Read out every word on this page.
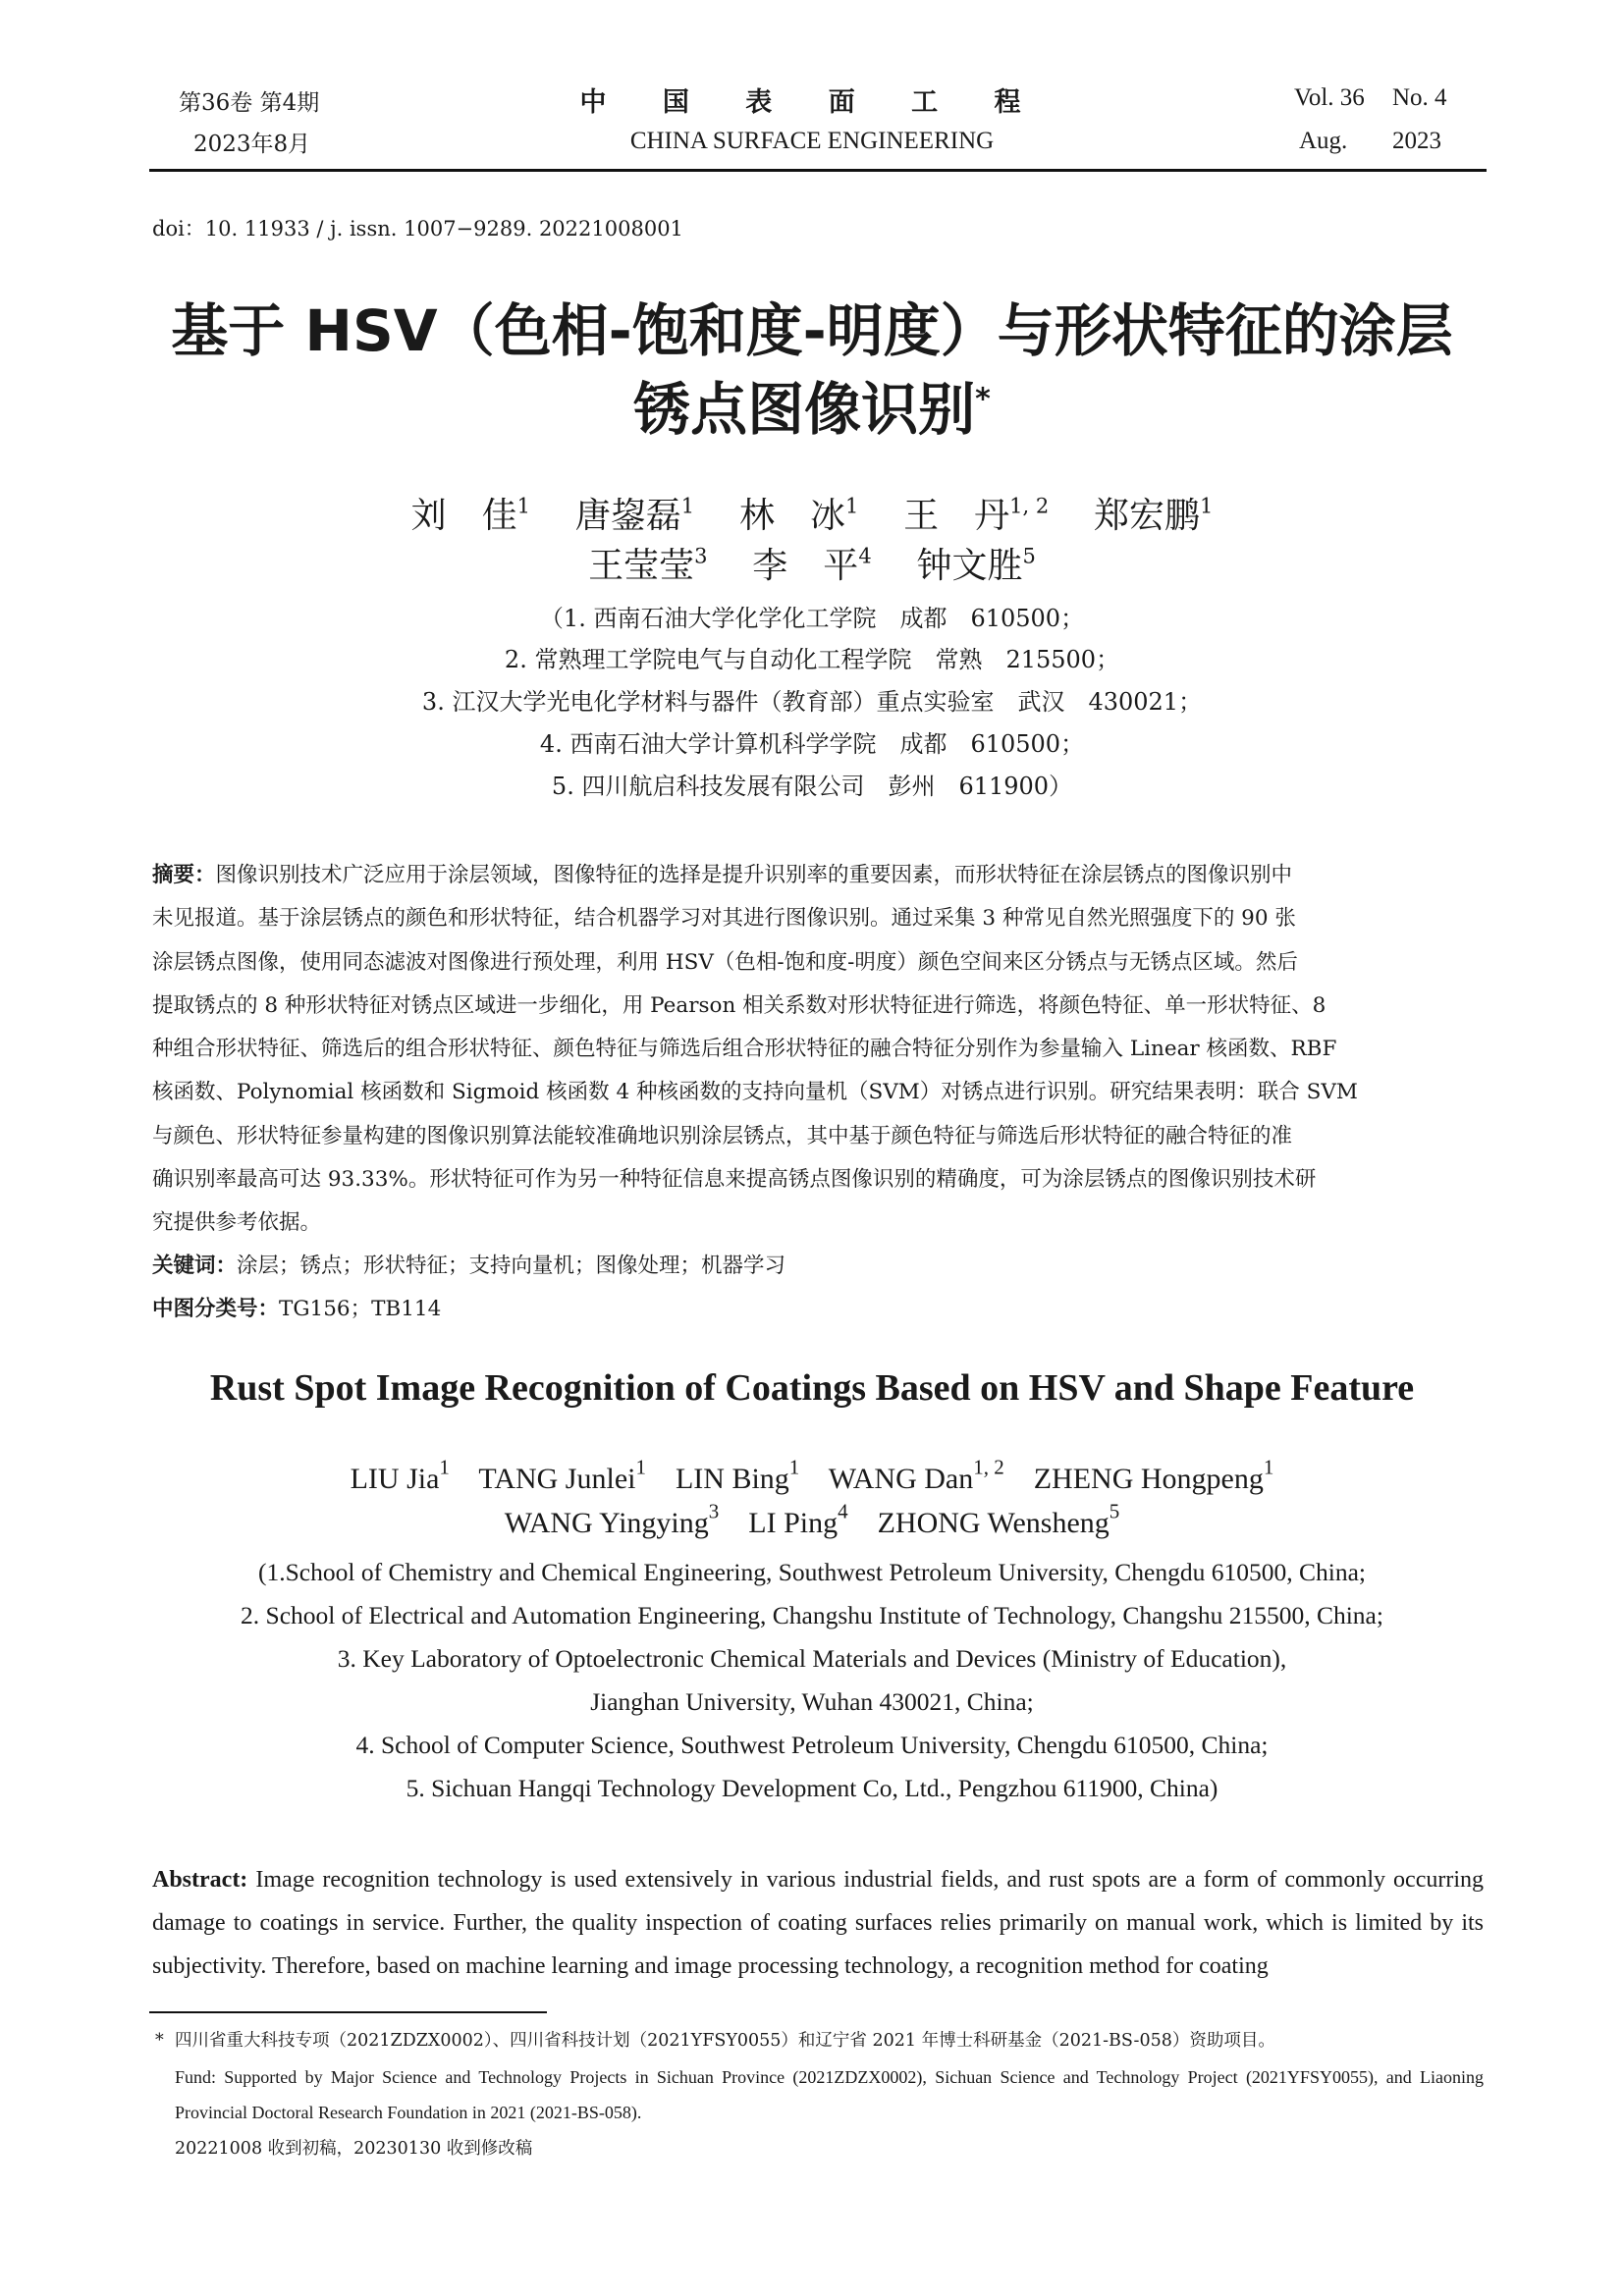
第36卷 第4期
2023年8月
中 国 表 面 工 程
CHINA SURFACE ENGINEERING
Vol. 36 No. 4
Aug. 2023
doi：10. 11933 / j. issn. 1007−9289. 20221008001
基于 HSV（色相-饱和度-明度）与形状特征的涂层
锈点图像识别*
刘　佳$^1$ 唐鋆磊$^1$ 林　冰$^1$ 王　丹$^{1, 2}$ 郑宏鹏$^1$
王莹莹$^3$ 李　平$^4$ 钟文胜$^5$
（1. 西南石油大学化学化工学院　成都　610500；
2. 常熟理工学院电气与自动化工程学院　常熟　215500；
3. 江汉大学光电化学材料与器件（教育部）重点实验室　武汉　430021；
4. 西南石油大学计算机科学学院　成都　610500；
5. 四川航启科技发展有限公司　彭州　611900）
摘要：图像识别技术广泛应用于涂层领域，图像特征的选择是提升识别率的重要因素，而形状特征在涂层锈点的图像识别中
未见报道。基于涂层锈点的颜色和形状特征，结合机器学习对其进行图像识别。通过采集 3 种常见自然光照强度下的 90 张
涂层锈点图像，使用同态滤波对图像进行预处理，利用 HSV（色相-饱和度-明度）颜色空间来区分锈点与无锈点区域。然后
提取锈点的 8 种形状特征对锈点区域进一步细化，用 Pearson 相关系数对形状特征进行筛选，将颜色特征、单一形状特征、8
种组合形状特征、筛选后的组合形状特征、颜色特征与筛选后组合形状特征的融合特征分别作为参量输入 Linear 核函数、RBF
核函数、Polynomial 核函数和 Sigmoid 核函数 4 种核函数的支持向量机（SVM）对锈点进行识别。研究结果表明：联合 SVM
与颜色、形状特征参量构建的图像识别算法能较准确地识别涂层锈点，其中基于颜色特征与筛选后形状特征的融合特征的准
确识别率最高可达 93.33%。形状特征可作为另一种特征信息来提高锈点图像识别的精确度，可为涂层锈点的图像识别技术研
究提供参考依据。
关键词：涂层；锈点；形状特征；支持向量机；图像处理；机器学习
中图分类号：TG156；TB114
Rust Spot Image Recognition of Coatings Based on HSV and Shape Feature
LIU Jia$^1$ TANG Junlei$^1$ LIN Bing$^1$ WANG Dan$^{1, 2}$ ZHENG Hongpeng$^1$
WANG Yingying$^3$ LI Ping$^4$ ZHONG Wensheng$^5$
(1.School of Chemistry and Chemical Engineering, Southwest Petroleum University, Chengdu 610500, China;
2. School of Electrical and Automation Engineering, Changshu Institute of Technology, Changshu 215500, China;
3. Key Laboratory of Optoelectronic Chemical Materials and Devices (Ministry of Education),
Jianghan University, Wuhan 430021, China;
4. School of Computer Science, Southwest Petroleum University, Chengdu 610500, China;
5. Sichuan Hangqi Technology Development Co, Ltd., Pengzhou 611900, China)
Abstract: Image recognition technology is used extensively in various industrial fields, and rust spots are a form of commonly occurring damage to coatings in service. Further, the quality inspection of coating surfaces relies primarily on manual work, which is limited by its subjectivity. Therefore, based on machine learning and image processing technology, a recognition method for coating
* 四川省重大科技专项（2021ZDZX0002）、四川省科技计划（2021YFSY0055）和辽宁省 2021 年博士科研基金（2021-BS-058）资助项目。
Fund: Supported by Major Science and Technology Projects in Sichuan Province (2021ZDZX0002), Sichuan Science and Technology Project (2021YFSY0055), and Liaoning Provincial Doctoral Research Foundation in 2021 (2021-BS-058).
20221008 收到初稿，20230130 收到修改稿
